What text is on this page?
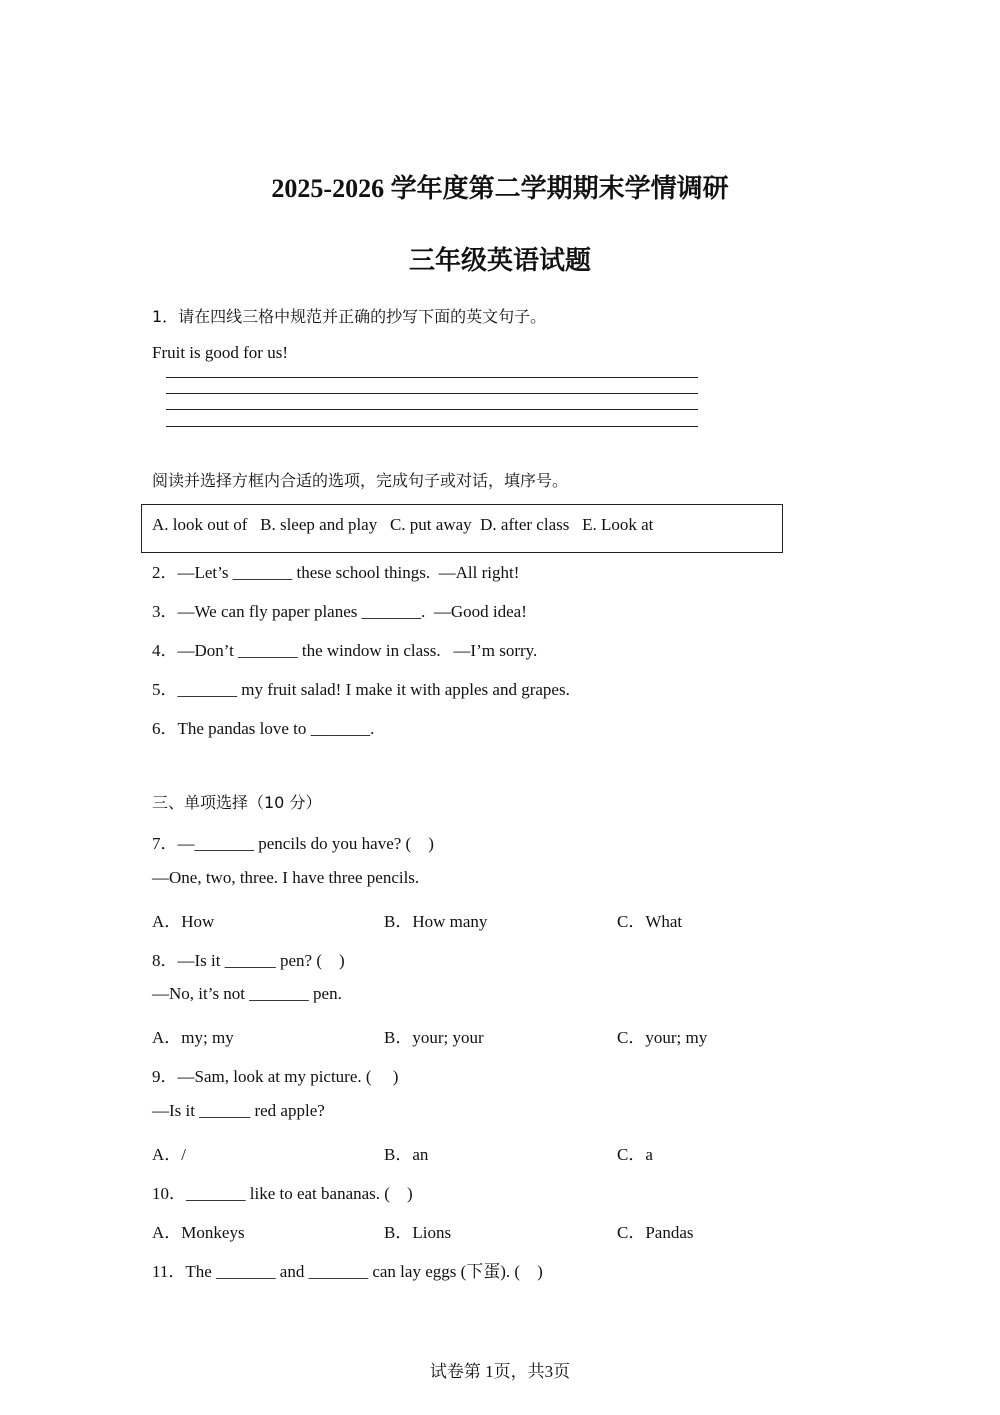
2025-2026 学年度第二学期期末学情调研
三年级英语试题
1．请在四线三格中规范并正确的抄写下面的英文句子。
Fruit is good for us!
阅读并选择方框内合适的选项，完成句子或对话，填序号。
A. look out of   B. sleep and play   C. put away  D. after class   E. Look at
2．—Let’s _______ these school things.  —All right!
3．—We can fly paper planes _______.  —Good idea!
4．—Don’t _______ the window in class.   —I’m sorry.
5．_______ my fruit salad! I make it with apples and grapes.
6．The pandas love to _______.
三、单项选择（10 分）
7．—_______ pencils do you have? (    )
—One, two, three. I have three pencils.
A．How	B．How many	C．What
8．—Is it ______ pen? (    )
—No, it’s not _______ pen.
A．my; my	B．your; your	C．your; my
9．—Sam, look at my picture. (     )
—Is it ______ red apple?
A．/	B．an	C．a
10．_______ like to eat bananas. (    )
A．Monkeys	B．Lions	C．Pandas
11．The _______ and _______ can lay eggs (下蛋). (    )
试卷第 1页，共3页
